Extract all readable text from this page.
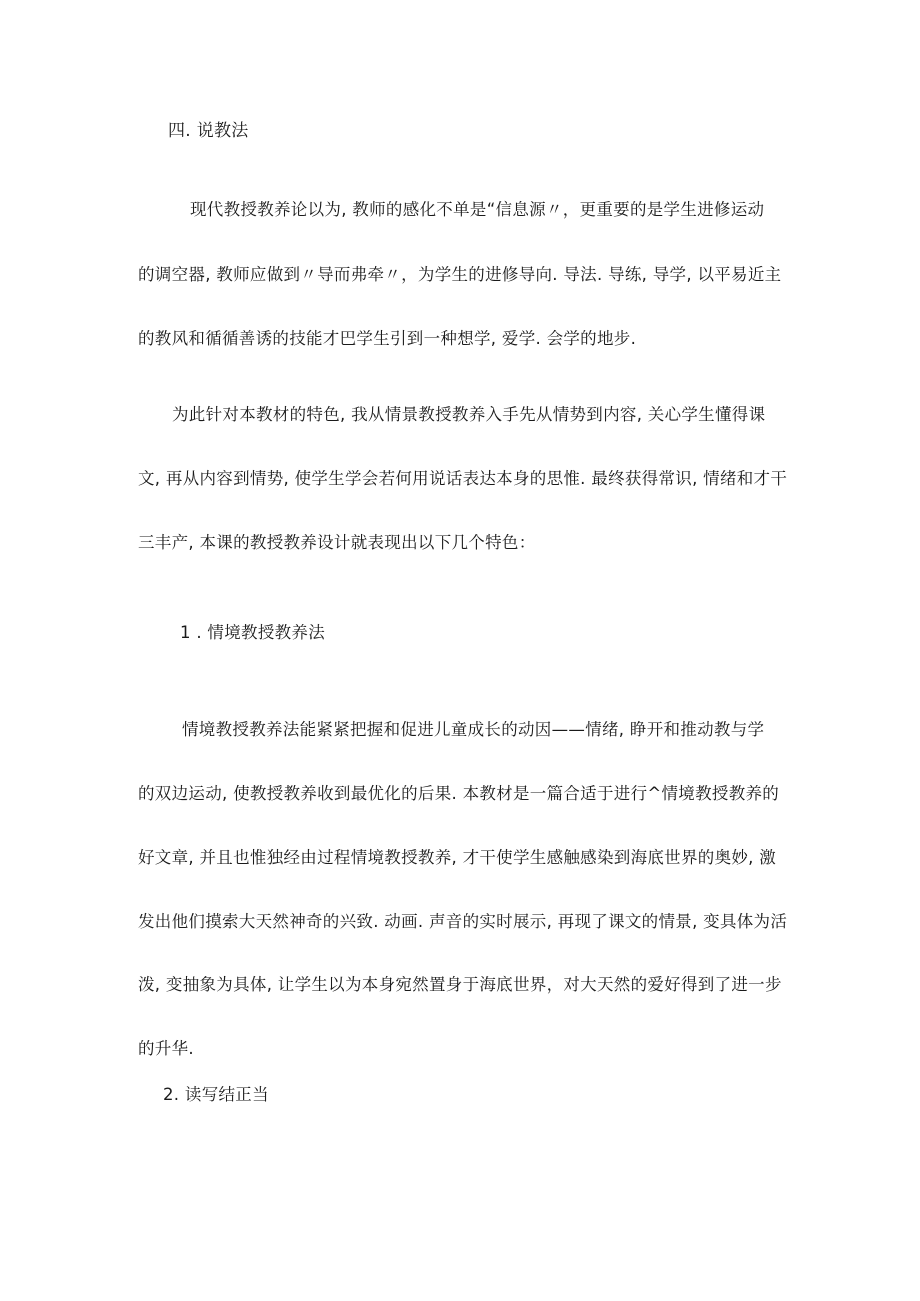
四. 说教法
现代教授教养论以为, 教师的感化不单是“信息源〃，更重要的是学生进修运动
的调空器, 教师应做到〃导而弗牵〃，为学生的进修导向. 导法. 导练, 导学, 以平易近主
的教风和循循善诱的技能才巴学生引到一种想学, 爱学. 会学的地步.
为此针对本教材的特色, 我从情景教授教养入手先从情势到内容, 关心学生懂得课
文, 再从内容到情势, 使学生学会若何用说话表达本身的思惟. 最终获得常识, 情绪和才干
三丰产, 本课的教授教养设计就表现出以下几个特色：
1 . 情境教授教养法
情境教授教养法能紧紧把握和促进儿童成长的动因——情绪, 睁开和推动教与学
的双边运动, 使教授教养收到最优化的后果. 本教材是一篇合适于进行^情境教授教养的
好文章, 并且也惟独经由过程情境教授教养, 才干使学生感触感染到海底世界的奥妙, 激
发出他们摸索大天然神奇的兴致. 动画. 声音的实时展示, 再现了课文的情景, 变具体为活
泼, 变抽象为具体, 让学生以为本身宛然置身于海底世界，对大天然的爱好得到了进一步
的升华.
2. 读写结正当
